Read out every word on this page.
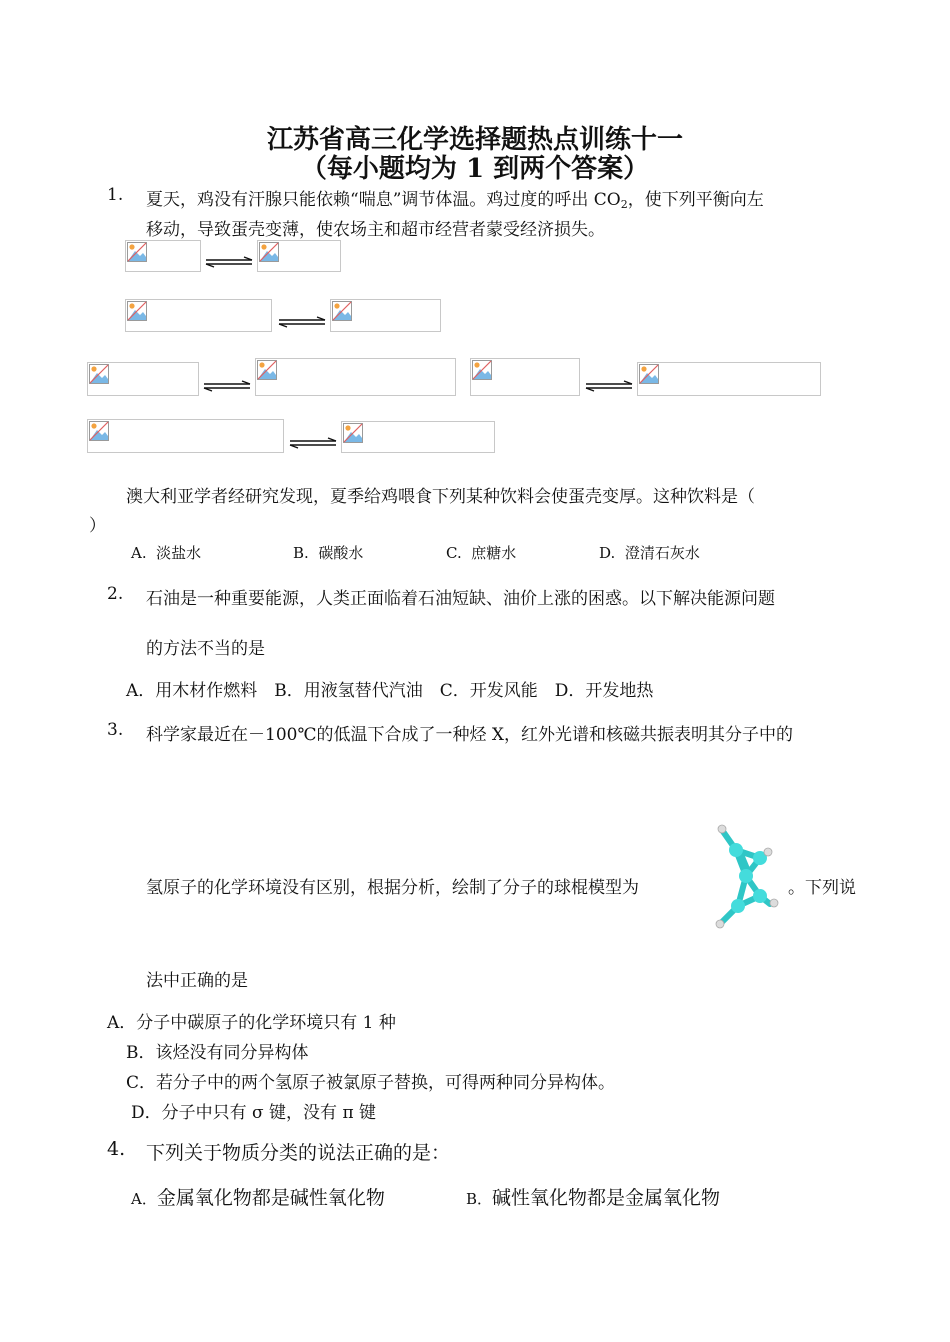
江苏省高三化学选择题热点训练十一
（每小题均为 1 到两个答案）
1. 夏天，鸡没有汗腺只能依赖“喘息”调节体温。鸡过度的呼出 $CO_2$，使下列平衡向左
移动，导致蛋壳变薄，使农场主和超市经营者蒙受经济损失。
澳大利亚学者经研究发现，夏季给鸡喂食下列某种饮料会使蛋壳变厚。这种饮料是（
）
A. 淡盐水	B. 碳酸水	C. 庶糖水	D. 澄清石灰水
2. 石油是一种重要能源，人类正面临着石油短缺、油价上涨的困惑。以下解决能源问题
的方法不当的是
A．用木材作燃料　B．用液氢替代汽油　C．开发风能　D．开发地热
3. 科学家最近在－100℃的低温下合成了一种烃 X，红外光谱和核磁共振表明其分子中的
氢原子的化学环境没有区别，根据分析，绘制了分子的球棍模型为	。下列说
法中正确的是
A．分子中碳原子的化学环境只有 1 种
B．该烃没有同分异构体
C．若分子中的两个氢原子被氯原子替换，可得两种同分异构体。
D．分子中只有 σ 键，没有 π 键
4. 下列关于物质分类的说法正确的是：
A．金属氧化物都是碱性氧化物	B．碱性氧化物都是金属氧化物
